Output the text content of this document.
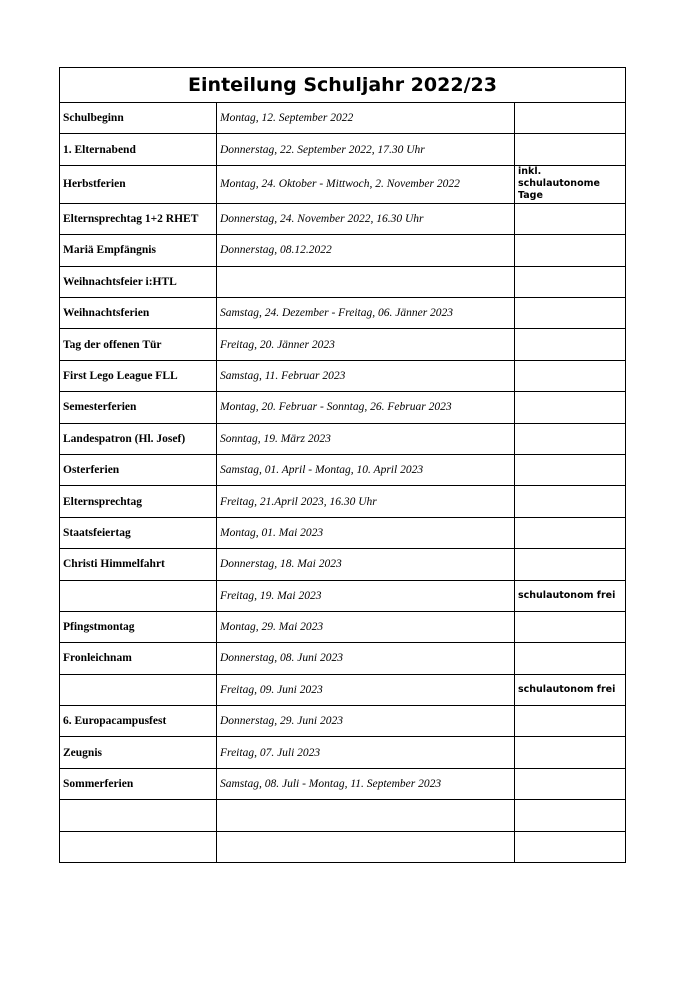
Einteilung Schuljahr 2022/23		
Schulbeginn	Montag, 12. September 2022	
1. Elternabend	Donnerstag, 22. September 2022, 17.30 Uhr	
Herbstferien	Montag, 24. Oktober - Mittwoch, 2. November 2022	inkl. schulautonome Tage
Elternsprechtag 1+2 RHET	Donnerstag, 24. November 2022, 16.30 Uhr	
Mariä Empfängnis	Donnerstag, 08.12.2022	
Weihnachtsfeier i:HTL		
Weihnachtsferien	Samstag, 24. Dezember - Freitag, 06. Jänner 2023	
Tag der offenen Tür	Freitag, 20. Jänner 2023	
First Lego League FLL	Samstag, 11. Februar 2023	
Semesterferien	Montag, 20. Februar - Sonntag, 26. Februar 2023	
Landespatron (Hl. Josef)	Sonntag, 19. März 2023	
Osterferien	Samstag, 01. April - Montag, 10. April 2023	
Elternsprechtag	Freitag, 21.April 2023, 16.30 Uhr	
Staatsfeiertag	Montag, 01. Mai 2023	
Christi Himmelfahrt	Donnerstag, 18. Mai 2023	
	Freitag, 19. Mai 2023	schulautonom frei
Pfingstmontag	Montag, 29. Mai 2023	
Fronleichnam	Donnerstag, 08. Juni 2023	
	Freitag, 09. Juni 2023	schulautonom frei
6. Europacampusfest	Donnerstag, 29. Juni 2023	
Zeugnis	Freitag, 07. Juli 2023	
Sommerferien	Samstag, 08. Juli - Montag, 11. September 2023	
